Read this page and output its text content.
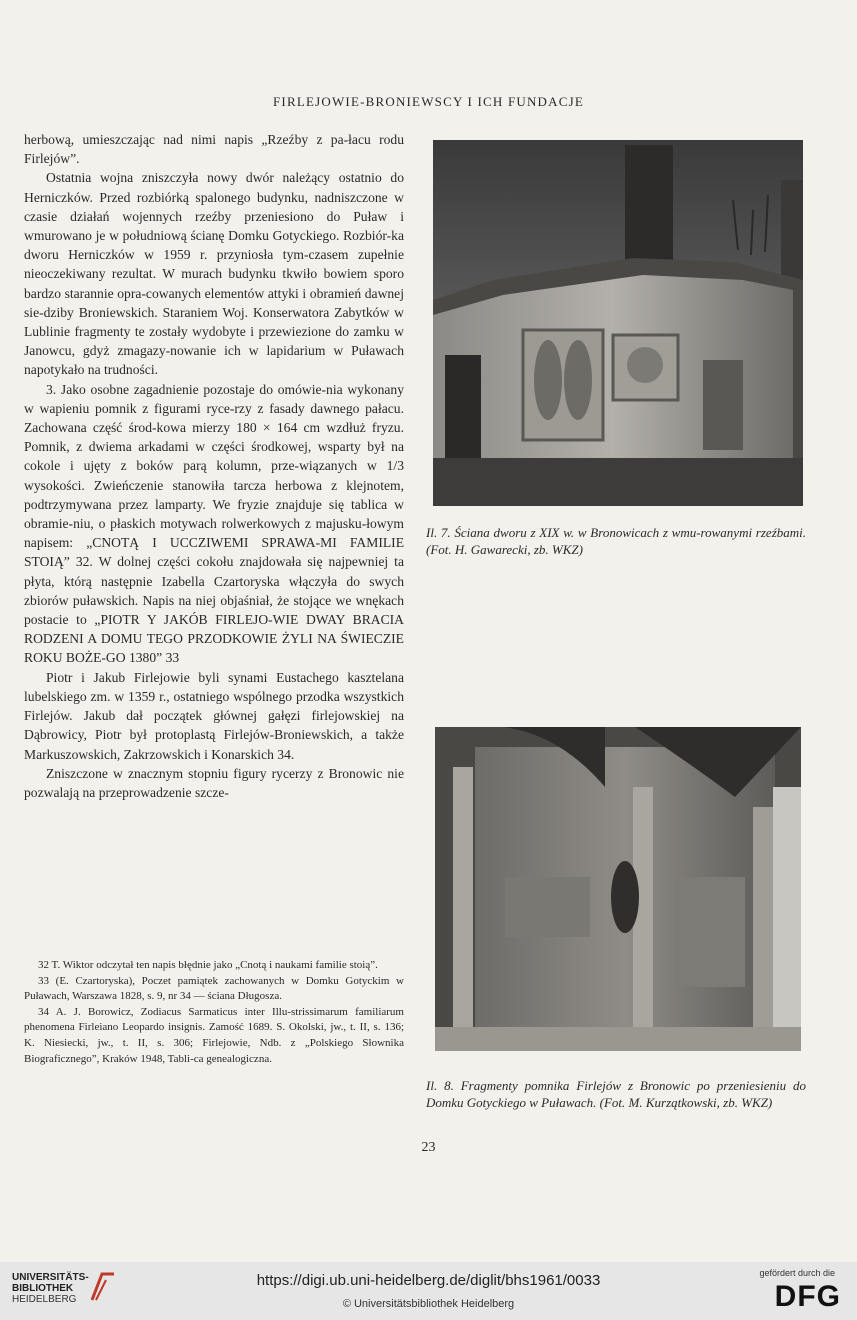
FIRLEJOWIE-BRONIEWSCY I ICH FUNDACJE

herbową, umieszczając nad nimi napis „Rzeźby z pa-łacu rodu Firlejów”.

Ostatnia wojna zniszczyła nowy dwór należący ostatnio do Herniczków. Przed rozbiórką spalonego budynku, nadniszczone w czasie działań wojennych rzeźby przeniesiono do Puław i wmurowano je w południową ścianę Domku Gotyckiego. Rozbiór-ka dworu Herniczków w 1959 r. przyniosła tym-czasem zupełnie nieoczekiwany rezultat. W murach budynku tkwiło bowiem sporo bardzo starannie opra-cowanych elementów attyki i obramień dawnej sie-dziby Broniewskich. Staraniem Woj. Konserwatora Zabytków w Lublinie fragmenty te zostały wydobyte i przewiezione do zamku w Janowcu, gdyż zmagazy-nowanie ich w lapidarium w Puławach napotykało na trudności.

3. Jako osobne zagadnienie pozostaje do omówie-nia wykonany w wapieniu pomnik z figurami ryce-rzy z fasady dawnego pałacu. Zachowana część środ-kowa mierzy 180 × 164 cm wzdłuż fryzu. Pomnik, z dwiema arkadami w części środkowej, wsparty był na cokole i ujęty z boków parą kolumn, prze-wiązanych w 1/3 wysokości. Zwieńczenie stanowiła tarcza herbowa z klejnotem, podtrzymywana przez lamparty. We fryzie znajduje się tablica w obramie-niu, o płaskich motywach rolwerkowych z majusku-łowym napisem: „CNOTĄ I UCCZIWEMI SPRAWA-MI FAMILIE STOIĄ” 32. W dolnej części cokołu znajdowała się najpewniej ta płyta, którą następnie Izabella Czartoryska włączyła do swych zbiorów puławskich. Napis na niej objaśniał, że stojące we wnękach postacie to „PIOTR Y JAKÓB FIRLEJO-WIE DWAY BRACIA RODZENI A DOMU TEGO PRZODKOWIE ŻYLI NA ŚWIECZIE ROKU BOŻE-GO 1380” 33

Piotr i Jakub Firlejowie byli synami Eustachego kasztelana lubelskiego zm. w 1359 r., ostatniego wspólnego przodka wszystkich Firlejów. Jakub dał początek głównej gałęzi firlejowskiej na Dąbrowicy, Piotr był protoplastą Firlejów-Broniewskich, a także Markuszowskich, Zakrzowskich i Konarskich 34.

Zniszczone w znacznym stopniu figury rycerzy z Bronowic nie pozwalają na przeprowadzenie szcze-

32 T. Wiktor odczytał ten napis błędnie jako „Cnotą i naukami familie stoią”.

33 (E. Czartoryska), Poczet pamiątek zachowanych w Domku Gotyckim w Puławach, Warszawa 1828, s. 9, nr 34 — ściana Długosza.

34 A. J. Borowicz, Zodiacus Sarmaticus inter Illu-strissimarum familiarum phenomena Firleiano Leopardo insignis. Zamość 1689. S. Okolski, jw., t. II, s. 136; K. Niesiecki, jw., t. II, s. 306; Firlejowie, Ndb. z „Polskiego Słownika Biograficznego”, Kraków 1948, Tabli-ca genealogiczna.

Il. 7. Ściana dworu z XIX w. w Bronowicach z wmu-rowanymi rzeźbami. (Fot. H. Gawarecki, zb. WKZ)
Il. 8. Fragmenty pomnika Firlejów z Bronowic po przeniesieniu do Domku Gotyckiego w Puławach. (Fot. M. Kurzątkowski, zb. WKZ)
23
UNIVERSITÄTS-
BIBLIOTHEK
HEIDELBERG
https://digi.ub.uni-heidelberg.de/diglit/bhs1961/0033
© Universitätsbibliothek Heidelberg
gefördert durch die
DFG
